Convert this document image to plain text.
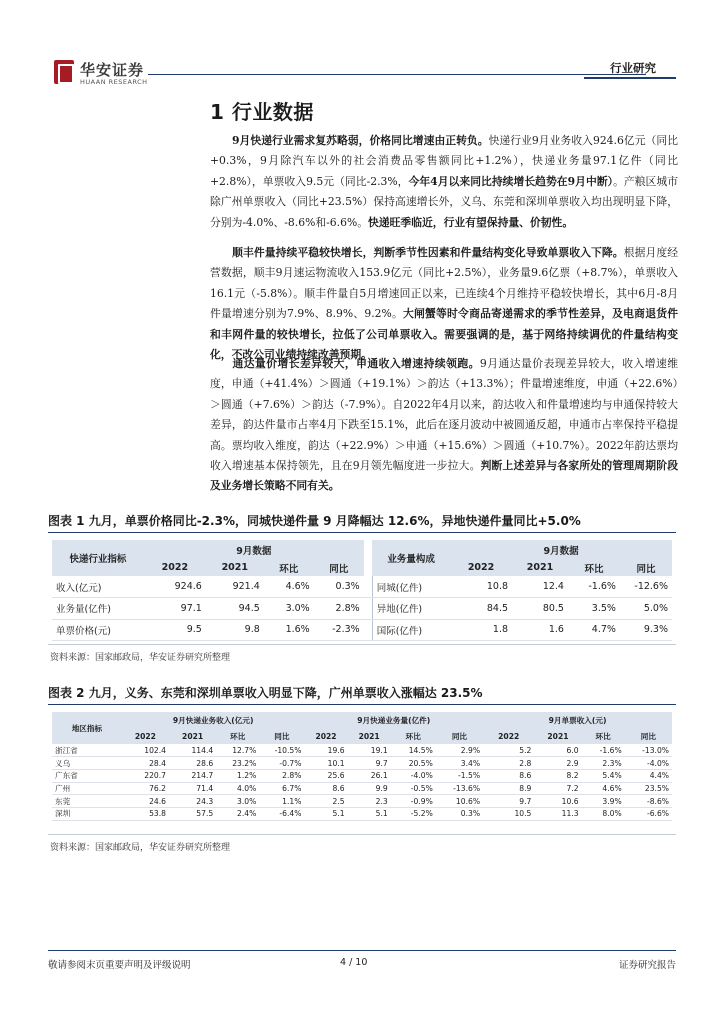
华安证券
HUAAN RESEARCH
行业研究
1 行业数据
9月快递行业需求复苏略弱，价格同比增速由正转负。快递行业9月业务收入924.6亿元（同比+0.3%，9月除汽车以外的社会消费品零售额同比+1.2%），快递业务量97.1亿件（同比+2.8%），单票收入9.5元（同比-2.3%，今年4月以来同比持续增长趋势在9月中断）。产粮区城市除广州单票收入（同比+23.5%）保持高速增长外，义乌、东莞和深圳单票收入均出现明显下降，分别为-4.0%、-8.6%和-6.6%。快递旺季临近，行业有望保持量、价韧性。
顺丰件量持续平稳较快增长，判断季节性因素和件量结构变化导致单票收入下降。根据月度经营数据，顺丰9月速运物流收入153.9亿元（同比+2.5%），业务量9.6亿票（+8.7%），单票收入16.1元（-5.8%）。顺丰件量自5月增速回正以来，已连续4个月维持平稳较快增长，其中6月-8月件量增速分别为7.9%、8.9%、9.2%。大闸蟹等时令商品寄递需求的季节性差异，及电商退货件和丰网件量的较快增长，拉低了公司单票收入。需要强调的是，基于网络持续调优的件量结构变化，不改公司业绩持续改善预期。
通达量价增长差异较大，申通收入增速持续领跑。9月通达量价表现差异较大，收入增速维度，申通（+41.4%）＞圆通（+19.1%）＞韵达（+13.3%）；件量增速维度，申通（+22.6%）＞圆通（+7.6%）＞韵达（-7.9%）。自2022年4月以来，韵达收入和件量增速均与申通保持较大差异，韵达件量市占率4月下跌至15.1%，此后在逐月波动中被圆通反超，申通市占率保持平稳提高。票均收入维度，韵达（+22.9%）＞申通（+15.6%）＞圆通（+10.7%）。2022年韵达票均收入增速基本保持领先，且在9月领先幅度进一步拉大。判断上述差异与各家所处的管理周期阶段及业务增长策略不同有关。
图表 1 九月，单票价格同比-2.3%，同城快递件量 9 月降幅达 12.6%，异地快递件量同比+5.0%
快递行业指标	9月数据					业务量构成	9月数据			
	2022	2021	环比	同比			2022	2021	环比	同比
收入(亿元)	924.6	921.4	4.6%	0.3%		同城(亿件)	10.8	12.4	-1.6%	-12.6%
业务量(亿件)	97.1	94.5	3.0%	2.8%		异地(亿件)	84.5	80.5	3.5%	5.0%
单票价格(元)	9.5	9.8	1.6%	-2.3%		国际(亿件)	1.8	1.6	4.7%	9.3%
资料来源：国家邮政局，华安证券研究所整理
图表 2 九月，义务、东莞和深圳单票收入明显下降，广州单票收入涨幅达 23.5%
地区指标	9月快递业务收入(亿元)				9月快递业务量(亿件)				9月单票收入(元)			
	2022	2021	环比	同比	2022	2021	环比	同比	2022	2021	环比	同比
浙江省	102.4	114.4	12.7%	-10.5%	19.6	19.1	14.5%	2.9%	5.2	6.0	-1.6%	-13.0%
义乌	28.4	28.6	23.2%	-0.7%	10.1	9.7	20.5%	3.4%	2.8	2.9	2.3%	-4.0%
广东省	220.7	214.7	1.2%	2.8%	25.6	26.1	-4.0%	-1.5%	8.6	8.2	5.4%	4.4%
广州	76.2	71.4	4.0%	6.7%	8.6	9.9	-0.5%	-13.6%	8.9	7.2	4.6%	23.5%
东莞	24.6	24.3	3.0%	1.1%	2.5	2.3	-0.9%	10.6%	9.7	10.6	3.9%	-8.6%
深圳	53.8	57.5	2.4%	-6.4%	5.1	5.1	-5.2%	0.3%	10.5	11.3	8.0%	-6.6%
资料来源：国家邮政局，华安证券研究所整理
敬请参阅末页重要声明及评级说明	4 / 10	证券研究报告
